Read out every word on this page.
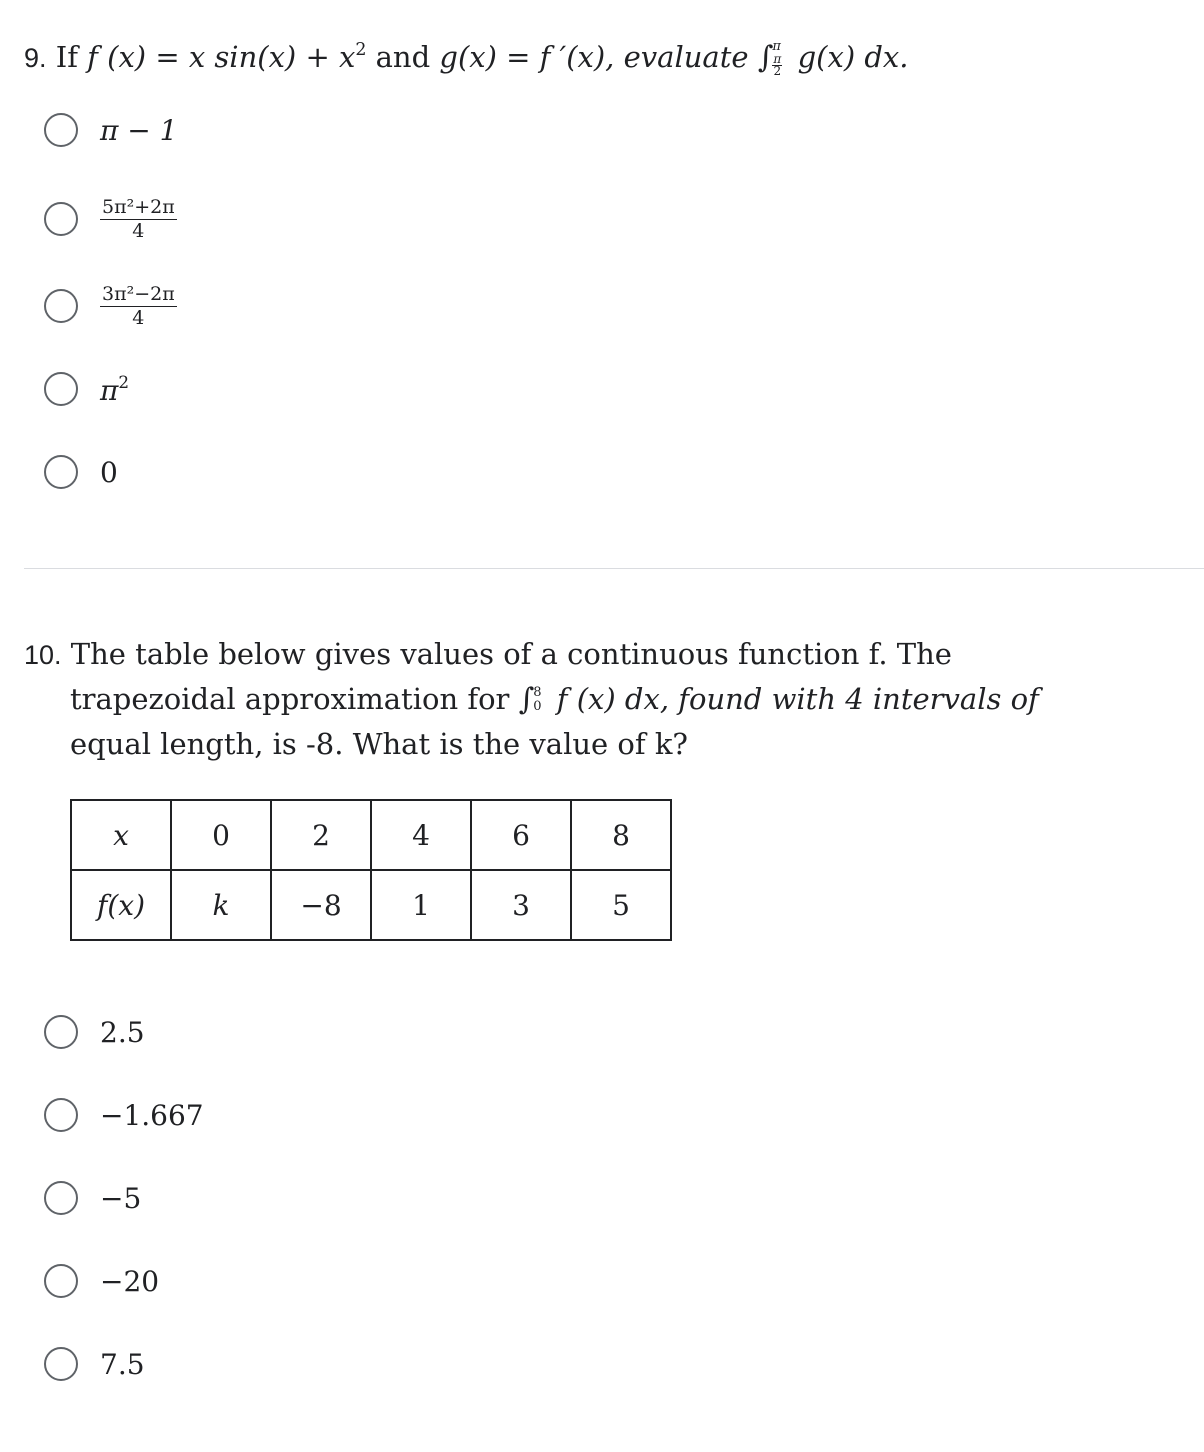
9. If f (x) = x $\sin(x) + x^2$ and g(x) = f ′(x), evaluate ∫ π
π
2 g(x) dx.
π − 1
$\frac{\text{5π²+2π}}{4}$
$\frac{\text{3π²−2π}}{4}$
$\pi^2$
0
10. The table below gives values of a continuous function f. The
trapezoidal approximation for ∫ 8
0 f (x) dx, found with 4 intervals of
equal length, is -8. What is the value of k?
x	0	2	4	6	8
f(x)	k	−8	1	3	5
2.5
−1.667
−5
−20
7.5
